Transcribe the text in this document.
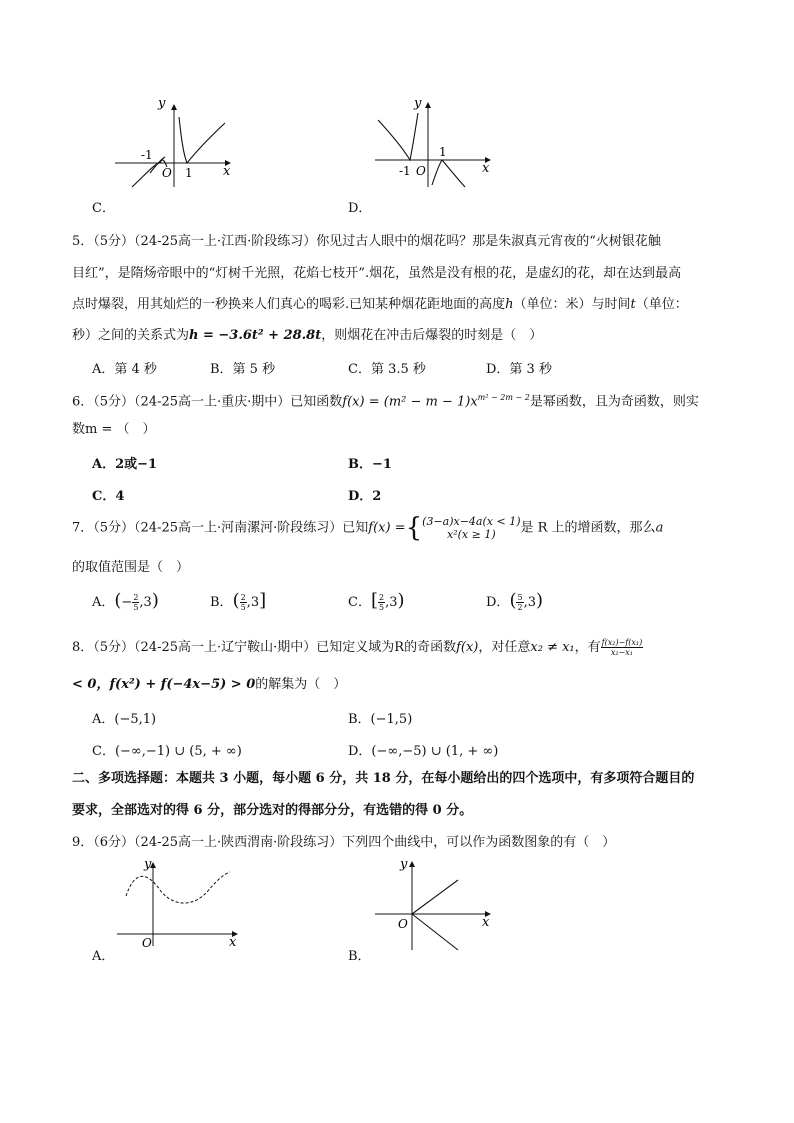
y
x
O
-1
1
C．
y
x
O
-1
1
D．
5．（5分）（24-25高一上·江西·阶段练习）你见过古人眼中的烟花吗？那是朱淑真元宵夜的“火树银花触
目红”，是隋炀帝眼中的“灯树千光照，花焰七枝开”.烟花，虽然是没有根的花，是虚幻的花，却在达到最高
点时爆裂，用其灿烂的一秒换来人们真心的喝彩.已知某种烟花距地面的高度h（单位：米）与时间t（单位：
秒）之间的关系式为h = −3.6t² + 28.8t，则烟花在冲击后爆裂的时刻是（　）
A．第 4 秒	B．第 5 秒	C．第 3.5 秒	D．第 3 秒
6．（5分）（24-25高一上·重庆·期中）已知函数$f(x) = (m^2 - m - 1)x^{m^2 - 2m - 2}$是幂函数，且为奇函数，则实
数m = （　）
A．2或−1	B．−1
C．4	D．2
7．（5分）（24-25高一上·河南漯河·阶段练习）已知f(x) ={ (3−a)x−4a(x < 1)
x²(x ≥ 1)	是 R 上的增函数，那么a
的取值范围是（　）
A．(− $\frac{2}{5} ,3$)	B．( $\frac{2}{5} ,3$]	C．[ $\frac{2}{5} ,3$)	D．( $\frac{5}{2} ,3$)
8．（5分）（24-25高一上·辽宁鞍山·期中）已知定义域为R的奇函数f(x)，对任意x₂ ≠ x₁，有 $\frac{\text{f(x₂)−f(x₁)}}{\text{x₂−x₁}}$
< 0，f(x²) + f(−4x−5) > 0的解集为（　）
A．(−5,1)	B．(−1,5)
C．(−∞,−1) ∪ (5, + ∞)	D．(−∞,−5) ∪ (1, + ∞)
二、多项选择题：本题共 3 小题，每小题 6 分，共 18 分，在每小题给出的四个选项中，有多项符合题目的
要求，全部选对的得 6 分，部分选对的得部分分，有选错的得 0 分。
9．（6分）（24-25高一上·陕西渭南·阶段练习）下列四个曲线中，可以作为函数图象的有（　）
y
x
O
A．
y
x
O
B．
